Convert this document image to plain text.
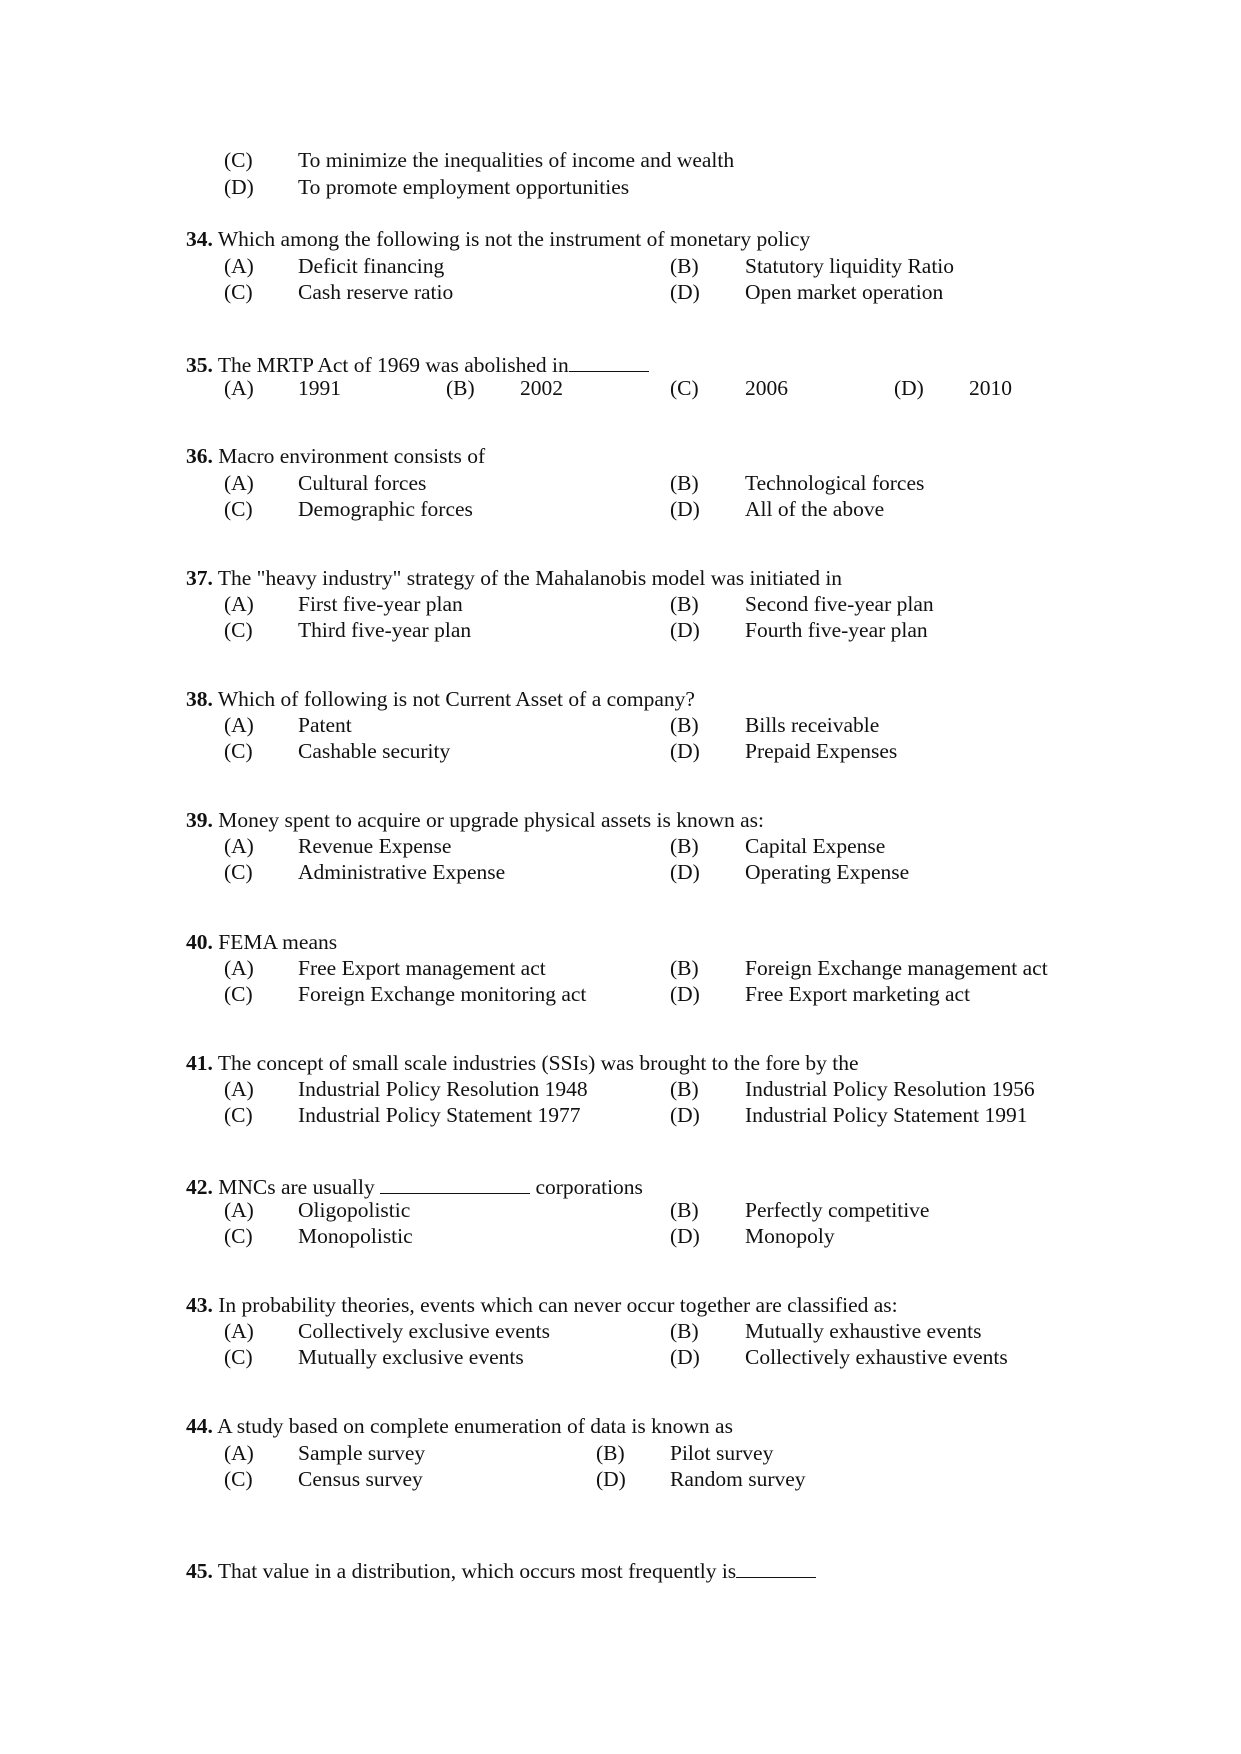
(C) To minimize the inequalities of income and wealth
(D) To promote employment opportunities
34. Which among the following is not the instrument of monetary policy
(A) Deficit financing	(B) Statutory liquidity Ratio
(C) Cash reserve ratio	(D) Open market operation
35. The MRTP Act of 1969 was abolished in
(A) 1991	(B) 2002	(C) 2006	(D) 2010
36. Macro environment consists of
(A) Cultural forces	(B) Technological forces
(C) Demographic forces	(D) All of the above
37. The "heavy industry" strategy of the Mahalanobis model was initiated in
(A) First five-year plan	(B) Second five-year plan
(C) Third five-year plan	(D) Fourth five-year plan
38. Which of following is not Current Asset of a company?
(A) Patent	(B) Bills receivable
(C) Cashable security	(D) Prepaid Expenses
39. Money spent to acquire or upgrade physical assets is known as:
(A) Revenue Expense	(B) Capital Expense
(C) Administrative Expense	(D) Operating Expense
40. FEMA means
(A) Free Export management act	(B) Foreign Exchange management act
(C) Foreign Exchange monitoring act	(D) Free Export marketing act
41. The concept of small scale industries (SSIs) was brought to the fore by the
(A) Industrial Policy Resolution 1948	(B) Industrial Policy Resolution 1956
(C) Industrial Policy Statement 1977	(D) Industrial Policy Statement 1991
42. MNCs are usually	corporations
(A) Oligopolistic	(B) Perfectly competitive
(C) Monopolistic	(D) Monopoly
43. In probability theories, events which can never occur together are classified as:
(A) Collectively exclusive events	(B) Mutually exhaustive events
(C) Mutually exclusive events	(D) Collectively exhaustive events
44. A study based on complete enumeration of data is known as
(A) Sample survey	(B) Pilot survey
(C) Census survey	(D) Random survey
45. That value in a distribution, which occurs most frequently is
